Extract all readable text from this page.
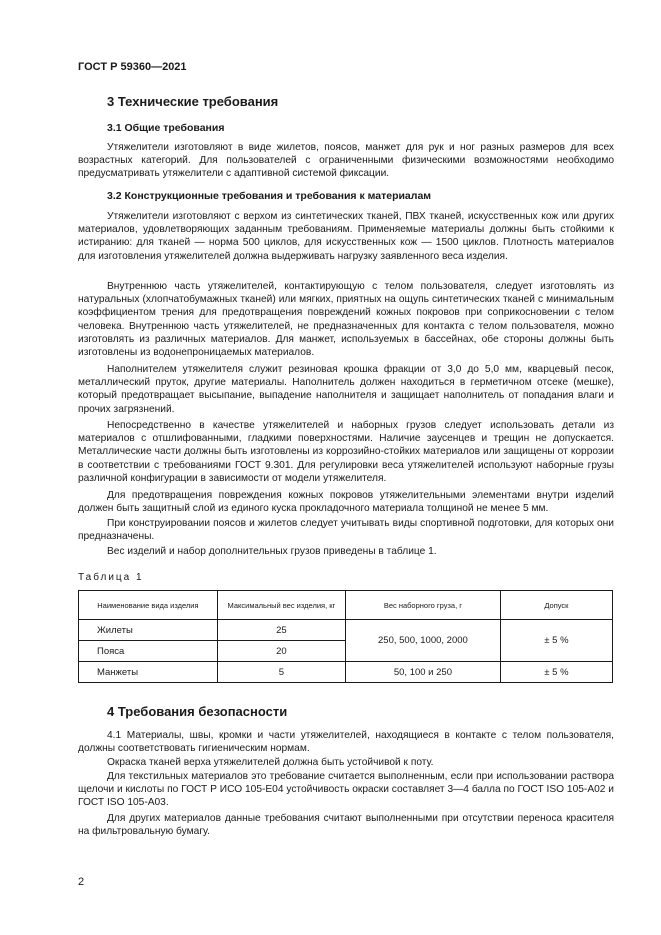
ГОСТ Р 59360—2021
3 Технические требования
3.1 Общие требования

Утяжелители изготовляют в виде жилетов, поясов, манжет для рук и ног разных размеров для всех возрастных категорий. Для пользователей с ограниченными физическими возможностями необходимо предусматривать утяжелители с адаптивной системой фиксации.

3.2 Конструкционные требования и требования к материалам

Утяжелители изготовляют с верхом из синтетических тканей, ПВХ тканей, искусственных кож или других материалов, удовлетворяющих заданным требованиям. Применяемые материалы должны быть стойкими к истиранию: для тканей — норма 500 циклов, для искусственных кож — 1500 циклов. Плотность материалов для изготовления утяжелителей должна выдерживать нагрузку заявленного веса изделия.

Внутреннюю часть утяжелителей, контактирующую с телом пользователя, следует изготовлять из натуральных (хлопчатобумажных тканей) или мягких, приятных на ощупь синтетических тканей с минимальным коэффициентом трения для предотвращения повреждений кожных покровов при соприкосновении с телом человека. Внутреннюю часть утяжелителей, не предназначенных для контакта с телом пользователя, можно изготовлять из различных материалов. Для манжет, используемых в бассейнах, обе стороны должны быть изготовлены из водонепроницаемых материалов.

Наполнителем утяжелителя служит резиновая крошка фракции от 3,0 до 5,0 мм, кварцевый песок, металлический пруток, другие материалы. Наполнитель должен находиться в герметичном отсеке (мешке), который предотвращает высыпание, выпадение наполнителя и защищает наполнитель от попадания влаги и прочих загрязнений.

Непосредственно в качестве утяжелителей и наборных грузов следует использовать детали из материалов с отшлифованными, гладкими поверхностями. Наличие заусенцев и трещин не допускается. Металлические части должны быть изготовлены из коррозийно-стойких материалов или защищены от коррозии в соответствии с требованиями ГОСТ 9.301. Для регулировки веса утяжелителей используют наборные грузы различной конфигурации в зависимости от модели утяжелителя.

Для предотвращения повреждения кожных покровов утяжелительными элементами внутри изделий должен быть защитный слой из единого куска прокладочного материала толщиной не менее 5 мм.

При конструировании поясов и жилетов следует учитывать виды спортивной подготовки, для которых они предназначены.

Вес изделий и набор дополнительных грузов приведены в таблице 1.

Таблица 1
Наименование вида изделия	Максимальный вес изделия, кг	Вес наборного груза, г	Допуск
Жилеты	25	250, 500, 1000, 2000	± 5 %
Пояса	20		
Манжеты	5	50, 100 и 250	± 5 %
4 Требования безопасности

4.1 Материалы, швы, кромки и части утяжелителей, находящиеся в контакте с телом пользователя, должны соответствовать гигиеническим нормам.

Окраска тканей верха утяжелителей должна быть устойчивой к поту.

Для текстильных материалов это требование считается выполненным, если при использовании раствора щелочи и кислоты по ГОСТ Р ИСО 105-Е04 устойчивость окраски составляет 3—4 балла по ГОСТ ISO 105-A02 и ГОСТ ISO 105-A03.

Для других материалов данные требования считают выполненными при отсутствии переноса красителя на фильтровальную бумагу.

2
